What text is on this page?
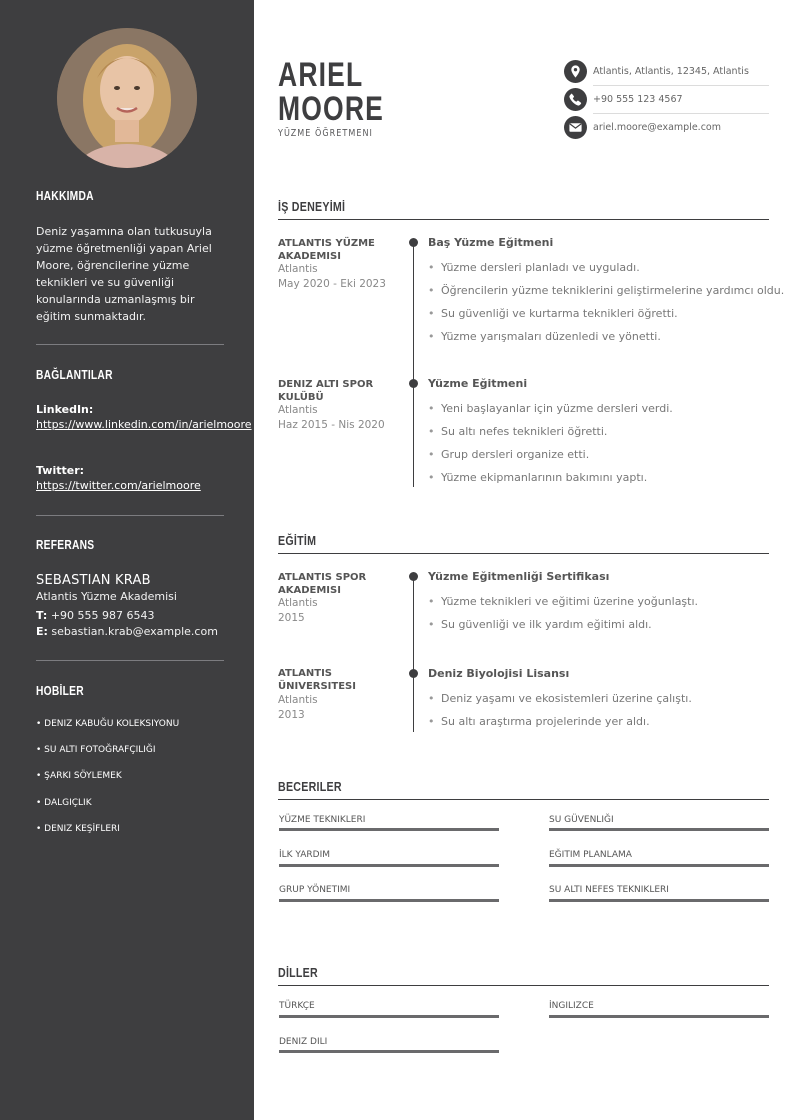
HAKKIMDA
Deniz yaşamına olan tutkusuyla yüzme öğretmenliği yapan Ariel Moore, öğrencilerine yüzme teknikleri ve su güvenliği konularında uzmanlaşmış bir eğitim sunmaktadır.
BAĞLANTILAR
LinkedIn:
https://www.linkedin.com/in/arielmoore
Twitter:
https://twitter.com/arielmoore
REFERANS
SEBASTIAN KRAB
Atlantis Yüzme Akademisi
T: +90 555 987 6543
E: sebastian.krab@example.com
HOBİLER
• DENIZ KABUĞU KOLEKSIYONU
• SU ALTI FOTOĞRAFÇILIĞI
• ŞARKI SÖYLEMEK
• DALGIÇLIK
• DENIZ KEŞİFLERI
ARIEL
MOORE
YÜZME ÖĞRETMENI
Atlantis, Atlantis, 12345, Atlantis
+90 555 123 4567
ariel.moore@example.com
İŞ DENEYİMİ
ATLANTIS YÜZME AKADEMISI
Atlantis
May 2020 - Eki 2023
Baş Yüzme Eğitmeni
• Yüzme dersleri planladı ve uyguladı.
• Öğrencilerin yüzme tekniklerini geliştirmelerine yardımcı oldu.
• Su güvenliği ve kurtarma teknikleri öğretti.
• Yüzme yarışmaları düzenledi ve yönetti.
DENIZ ALTI SPOR KULÜBÜ
Atlantis
Haz 2015 - Nis 2020
Yüzme Eğitmeni
• Yeni başlayanlar için yüzme dersleri verdi.
• Su altı nefes teknikleri öğretti.
• Grup dersleri organize etti.
• Yüzme ekipmanlarının bakımını yaptı.
EĞİTİM
ATLANTIS SPOR AKADEMISI
Atlantis
2015
Yüzme Eğitmenliği Sertifikası
• Yüzme teknikleri ve eğitimi üzerine yoğunlaştı.
• Su güvenliği ve ilk yardım eğitimi aldı.
ATLANTIS ÜNIVERSITESI
Atlantis
2013
Deniz Biyolojisi Lisansı
• Deniz yaşamı ve ekosistemleri üzerine çalıştı.
• Su altı araştırma projelerinde yer aldı.
BECERILER
YÜZME TEKNIKLERI	SU GÜVENLIĞI
İLK YARDIM	EĞITIM PLANLAMA
GRUP YÖNETIMI	SU ALTI NEFES TEKNIKLERI
DİLLER
TÜRKÇE	İNGILIZCE
DENIZ DILI
